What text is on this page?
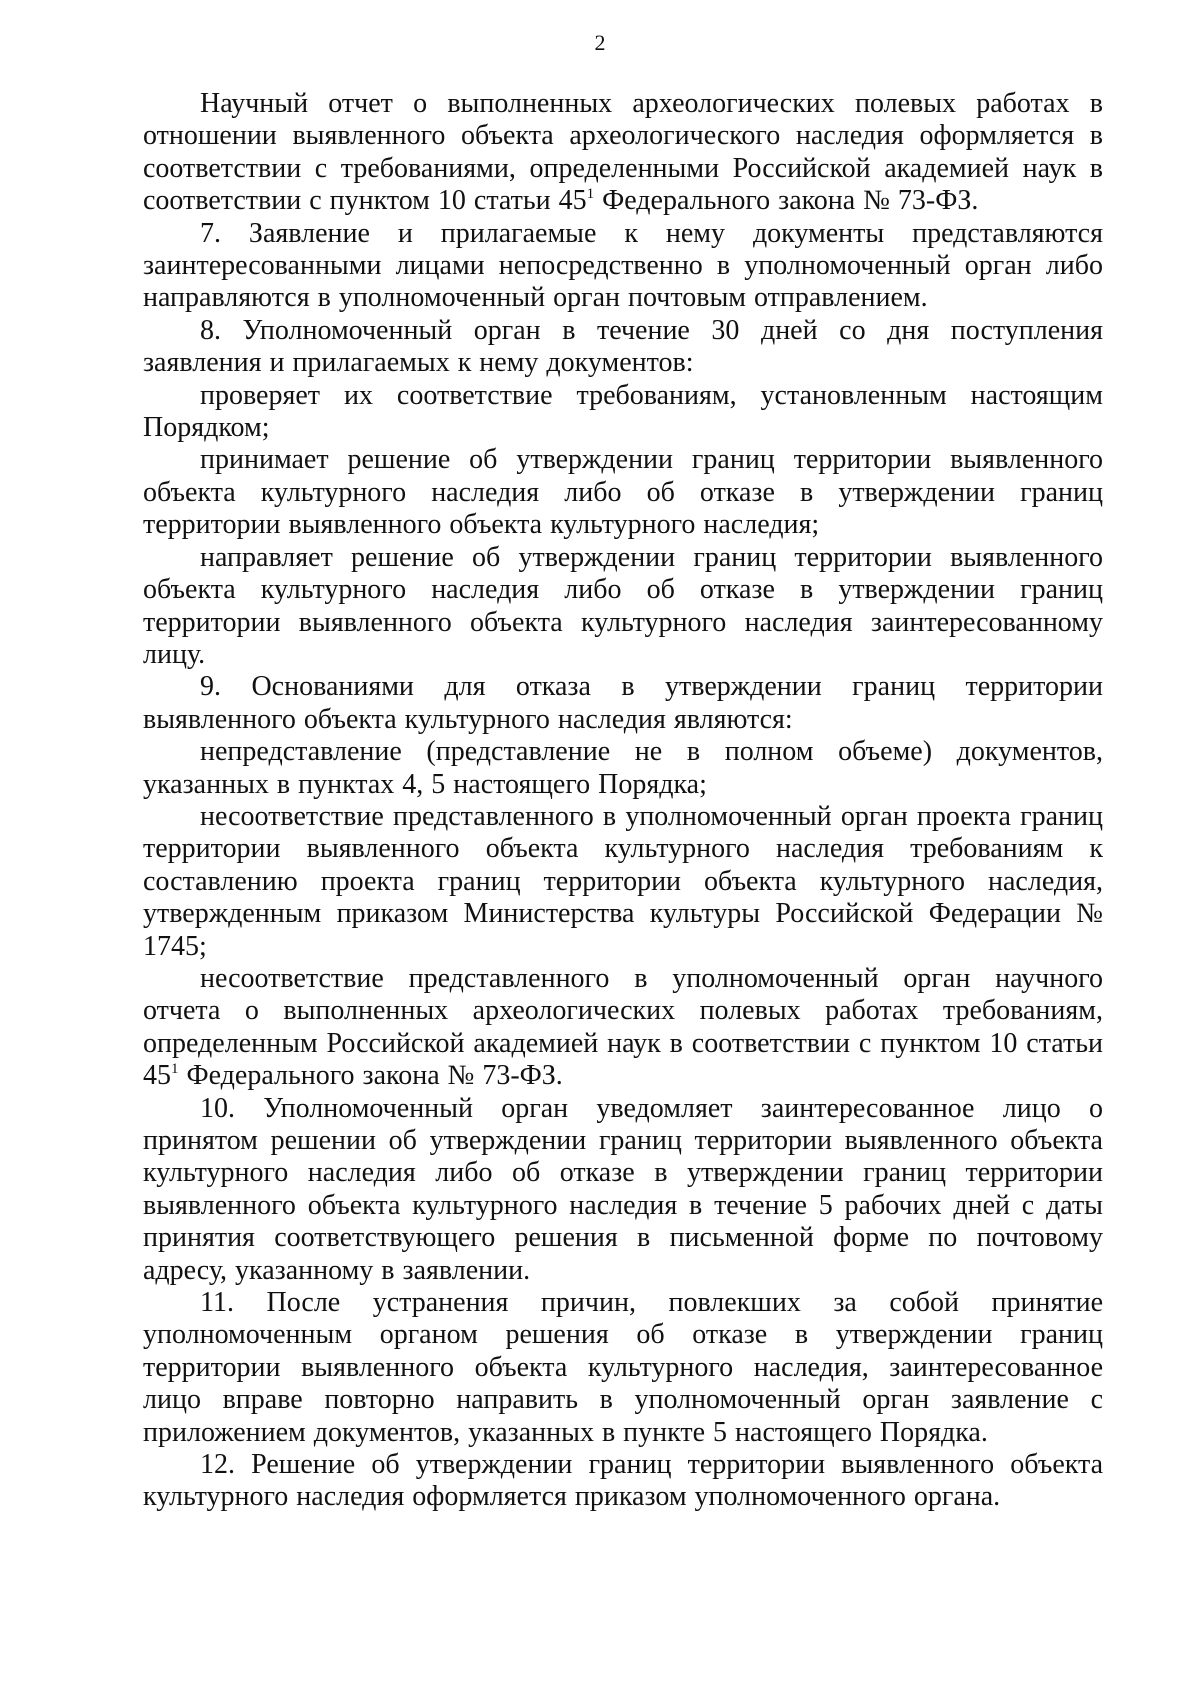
2

Научный отчет о выполненных археологических полевых работах в отношении выявленного объекта археологического наследия оформляется в соответствии с требованиями, определенными Российской академией наук в соответствии с пунктом 10 статьи $45^1$ Федерального закона № 73-ФЗ.

7. Заявление и прилагаемые к нему документы представляются заинтересованными лицами непосредственно в уполномоченный орган либо направляются в уполномоченный орган почтовым отправлением.

8. Уполномоченный орган в течение 30 дней со дня поступления заявления и прилагаемых к нему документов:

проверяет их соответствие требованиям, установленным настоящим Порядком;

принимает решение об утверждении границ территории выявленного объекта культурного наследия либо об отказе в утверждении границ территории выявленного объекта культурного наследия;

направляет решение об утверждении границ территории выявленного объекта культурного наследия либо об отказе в утверждении границ территории выявленного объекта культурного наследия заинтересованному лицу.

9. Основаниями для отказа в утверждении границ территории выявленного объекта культурного наследия являются:

непредставление (представление не в полном объеме) документов, указанных в пунктах 4, 5 настоящего Порядка;

несоответствие представленного в уполномоченный орган проекта границ территории выявленного объекта культурного наследия требованиям к составлению проекта границ территории объекта культурного наследия, утвержденным приказом Министерства культуры Российской Федерации № 1745;

несоответствие представленного в уполномоченный орган научного отчета о выполненных археологических полевых работах требованиям, определенным Российской академией наук в соответствии с пунктом 10 статьи $45^1$ Федерального закона № 73-ФЗ.

10. Уполномоченный орган уведомляет заинтересованное лицо о принятом решении об утверждении границ территории выявленного объекта культурного наследия либо об отказе в утверждении границ территории выявленного объекта культурного наследия в течение 5 рабочих дней с даты принятия соответствующего решения в письменной форме по почтовому адресу, указанному в заявлении.

11. После устранения причин, повлекших за собой принятие уполномоченным органом решения об отказе в утверждении границ территории выявленного объекта культурного наследия, заинтересованное лицо вправе повторно направить в уполномоченный орган заявление с приложением документов, указанных в пункте 5 настоящего Порядка.

12. Решение об утверждении границ территории выявленного объекта культурного наследия оформляется приказом уполномоченного органа.
